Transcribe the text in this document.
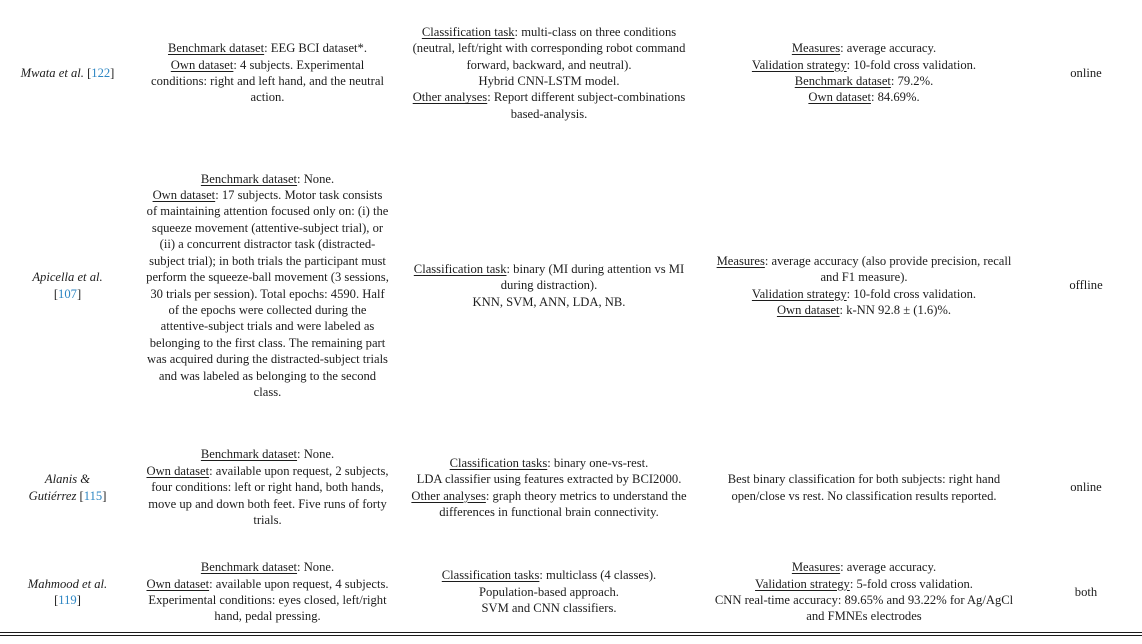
Mwata et al. [122]
Benchmark dataset: EEG BCI dataset*.
Own dataset: 4 subjects. Experimental conditions: right and left hand, and the neutral action.
Classification task: multi-class on three conditions (neutral, left/right with corresponding robot command forward, backward, and neutral).
Hybrid CNN-LSTM model.
Other analyses: Report different subject-combinations based-analysis.
Measures: average accuracy.
Validation strategy: 10-fold cross validation.
Benchmark dataset: 79.2%.
Own dataset: 84.69%.
online
Apicella et al.
[107]
Benchmark dataset: None.
Own dataset: 17 subjects. Motor task consists of maintaining attention focused only on: (i) the squeeze movement (attentive-subject trial), or (ii) a concurrent distractor task (distracted-subject trial); in both trials the participant must perform the squeeze-ball movement (3 sessions, 30 trials per session). Total epochs: 4590. Half of the epochs were collected during the attentive-subject trials and were labeled as belonging to the first class. The remaining part was acquired during the distracted-subject trials and was labeled as belonging to the second class.
Classification task: binary (MI during attention vs MI during distraction).
KNN, SVM, ANN, LDA, NB.
Measures: average accuracy (also provide precision, recall and F1 measure).
Validation strategy: 10-fold cross validation.
Own dataset: k-NN 92.8 ± (1.6)%.
offline
Alanis &
Gutiérrez [115]
Benchmark dataset: None.
Own dataset: available upon request, 2 subjects, four conditions: left or right hand, both hands, move up and down both feet. Five runs of forty trials.
Classification tasks: binary one-vs-rest.
LDA classifier using features extracted by BCI2000.
Other analyses: graph theory metrics to understand the differences in functional brain connectivity.
Best binary classification for both subjects: right hand open/close vs rest. No classification results reported.
online
Mahmood et al.
[119]
Benchmark dataset: None.
Own dataset: available upon request, 4 subjects. Experimental conditions: eyes closed, left/right hand, pedal pressing.
Classification tasks: multiclass (4 classes).
Population-based approach.
SVM and CNN classifiers.
Measures: average accuracy.
Validation strategy: 5-fold cross validation.
CNN real-time accuracy: 89.65% and 93.22% for Ag/AgCl and FMNEs electrodes
both
